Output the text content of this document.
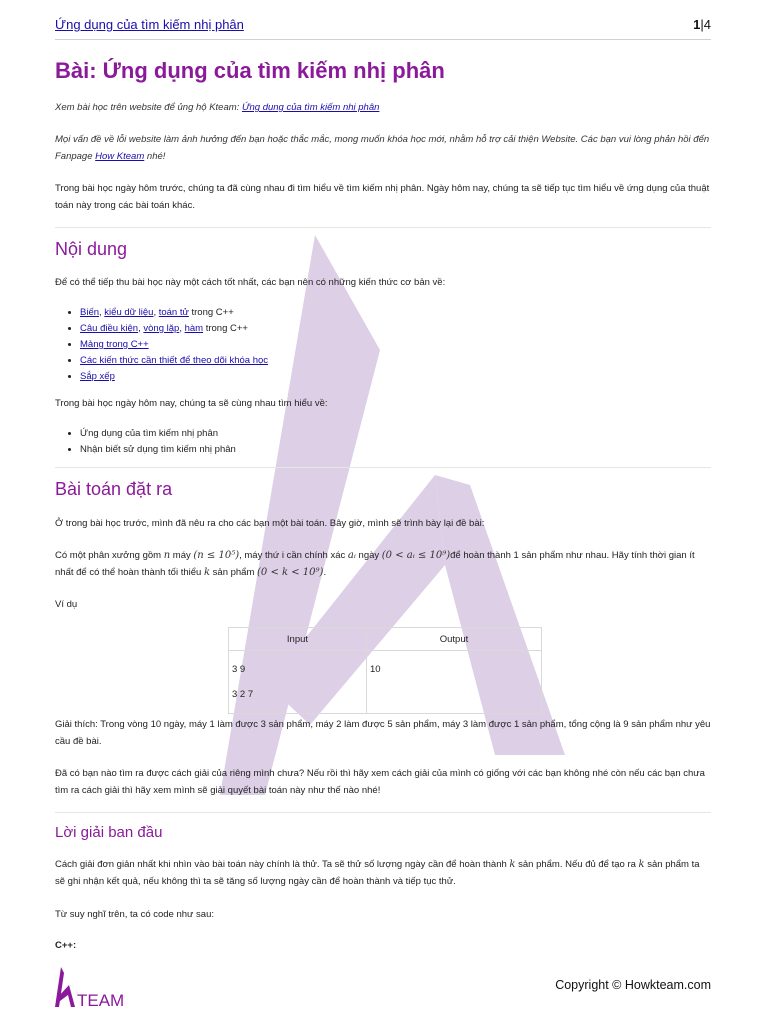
Ứng dụng của tìm kiếm nhị phân	1|4
Bài: Ứng dụng của tìm kiếm nhị phân
Xem bài học trên website để ủng hộ Kteam: Ứng dụng của tìm kiếm nhị phân
Mọi vấn đề về lỗi website làm ảnh hưởng đến bạn hoặc thắc mắc, mong muốn khóa học mới, nhằm hỗ trợ cải thiện Website. Các bạn vui lòng phản hồi đến Fanpage How Kteam nhé!
Trong bài học ngày hôm trước, chúng ta đã cùng nhau đi tìm hiểu về tìm kiếm nhị phân. Ngày hôm nay, chúng ta sẽ tiếp tục tìm hiểu về ứng dụng của thuật toán này trong các bài toán khác.
Nội dung
Để có thể tiếp thu bài học này một cách tốt nhất, các bạn nên có những kiến thức cơ bản về:
• Biến, kiểu dữ liệu, toán tử trong C++
• Câu điều kiện, vòng lặp, hàm trong C++
• Mảng trong C++
• Các kiến thức cần thiết để theo dõi khóa học
• Sắp xếp
Trong bài học ngày hôm nay, chúng ta sẽ cùng nhau tìm hiểu về:
• Ứng dụng của tìm kiếm nhị phân
• Nhận biết sử dụng tìm kiếm nhị phân
Bài toán đặt ra
Ở trong bài học trước, mình đã nêu ra cho các bạn một bài toán. Bây giờ, mình sẽ trình bày lại đề bài:
Có một phân xưởng gồm n máy (n ≤ 10⁵), máy thứ i cần chính xác aᵢ ngày (0 < aᵢ ≤ 10⁹)để hoàn thành 1 sản phẩm như nhau. Hãy tính thời gian ít nhất để có thể hoàn thành tối thiểu k sản phẩm (0 < k < 10⁹).
Ví dụ
Input	Output

3 9
3 2 7	10
Giải thích: Trong vòng 10 ngày, máy 1 làm được 3 sản phẩm, máy 2 làm được 5 sản phẩm, máy 3 làm được 1 sản phẩm, tổng cộng là 9 sản phẩm như yêu cầu đề bài.
Đã có bạn nào tìm ra được cách giải của riêng mình chưa? Nếu rồi thì hãy xem cách giải của mình có giống với các bạn không nhé còn nếu các bạn chưa tìm ra cách giải thì hãy xem mình sẽ giải quyết bài toán này như thế nào nhé!
Lời giải ban đầu
Cách giải đơn giản nhất khi nhìn vào bài toán này chính là thử. Ta sẽ thử số lượng ngày cần để hoàn thành k sản phẩm. Nếu đủ để tạo ra k sản phẩm ta sẽ ghi nhận kết quả, nếu không thì ta sẽ tăng số lượng ngày cần để hoàn thành và tiếp tục thử.
Từ suy nghĩ trên, ta có code như sau:
C++:
TEAM
Copyright © Howkteam.com
